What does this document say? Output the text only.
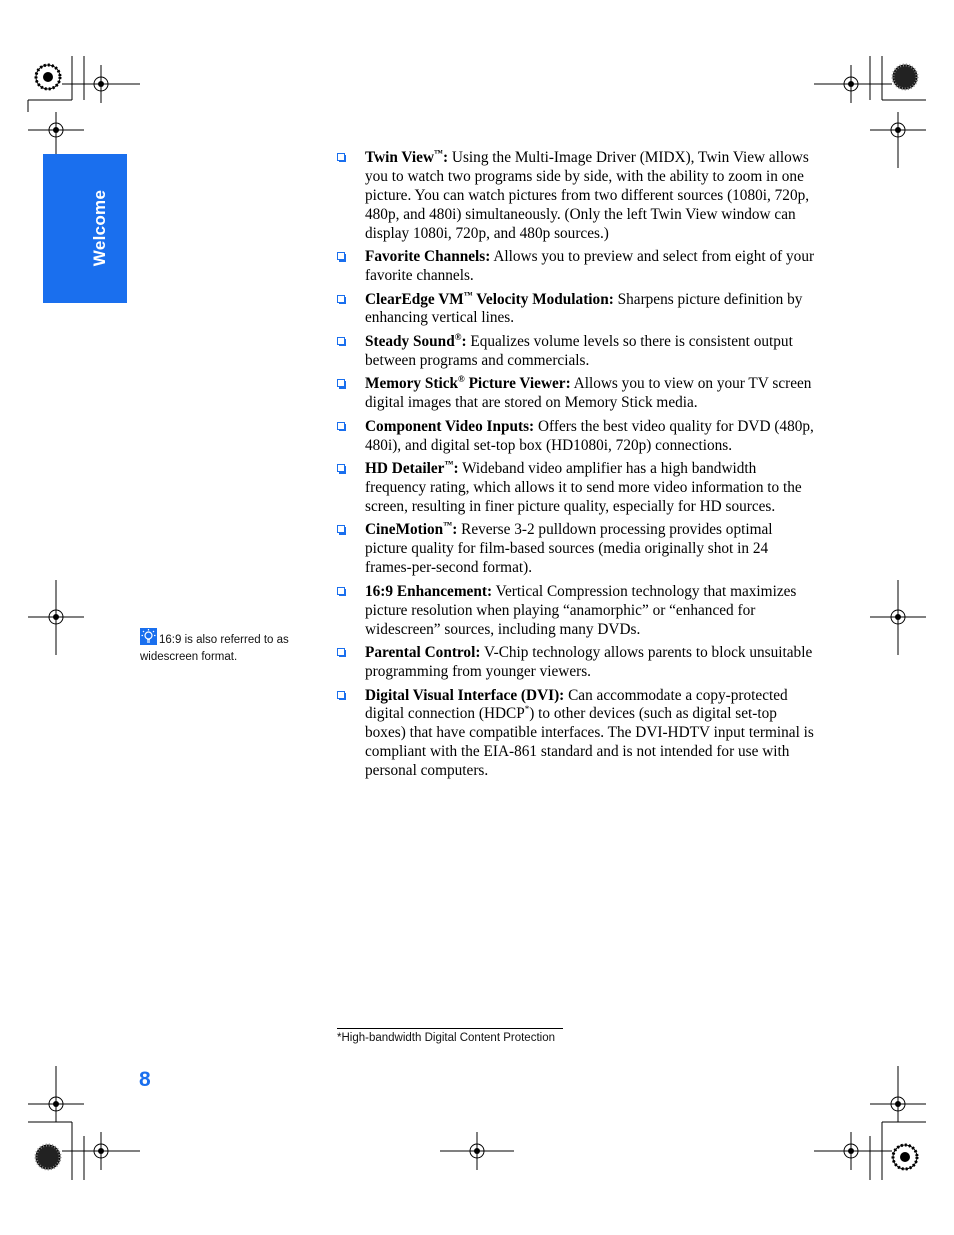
Welcome
16:9 is also referred to as widescreen format.
Twin View™: Using the Multi-Image Driver (MIDX), Twin View allows you to watch two programs side by side, with the ability to zoom in one picture. You can watch pictures from two different sources (1080i, 720p, 480p, and 480i) simultaneously. (Only the left Twin View window can display 1080i, 720p, and 480p sources.)
Favorite Channels: Allows you to preview and select from eight of your favorite channels.
ClearEdge VM™ Velocity Modulation: Sharpens picture definition by enhancing vertical lines.
Steady Sound®: Equalizes volume levels so there is consistent output between programs and commercials.
Memory Stick® Picture Viewer: Allows you to view on your TV screen digital images that are stored on Memory Stick media.
Component Video Inputs: Offers the best video quality for DVD (480p, 480i), and digital set-top box (HD1080i, 720p) connections.
HD Detailer™: Wideband video amplifier has a high bandwidth frequency rating, which allows it to send more video information to the screen, resulting in finer picture quality, especially for HD sources.
CineMotion™: Reverse 3-2 pulldown processing provides optimal picture quality for film-based sources (media originally shot in 24 frames-per-second format).
16:9 Enhancement: Vertical Compression technology that maximizes picture resolution when playing “anamorphic” or “enhanced for widescreen” sources, including many DVDs.
Parental Control: V-Chip technology allows parents to block unsuitable programming from younger viewers.
Digital Visual Interface (DVI): Can accommodate a copy-protected digital connection (HDCP*) to other devices (such as digital set-top boxes) that have compatible interfaces. The DVI-HDTV input terminal is compliant with the EIA-861 standard and is not intended for use with personal computers.
*High-bandwidth Digital Content Protection
8
